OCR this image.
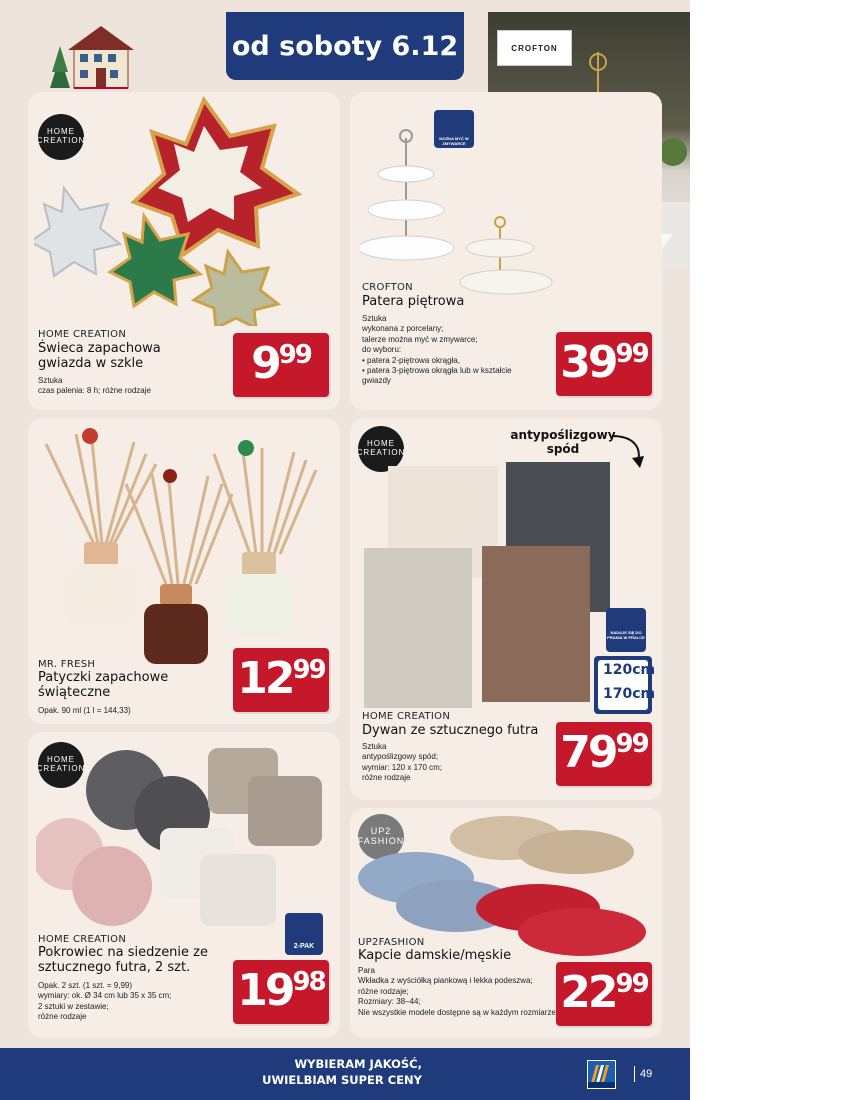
od soboty 6.12	CROFTON
HOME CREATION
HOME CREATION
Świeca zapachowa gwiazda w szkle
Sztuka
czas palenia: 8 h; różne rodzaje
9 99
MOŻNA MYĆ W ZMYWARCE
CROFTON
Patera piętrowa
Sztuka
wykonana z porcelany;
talerze można myć w zmywarce;
do wyboru:
• patera 2-piętrowa okrągła,
• patera 3-piętrowa okrągła lub w kształcie
gwiazdy	39 99
MR. FRESH
Patyczki zapachowe świąteczne
Opak. 90 ml (1 l = 144,33)
12 99
HOME CREATION
antypoślizgowy spód
NADAJE SIĘ DO PRANIA W PRALCE
120cm
170cm
HOME CREATION
Dywan ze sztucznego futra
Sztuka
antypoślizgowy spód;
wymiar: 120 x 170 cm;
różne rodzaje	79 99
HOME CREATION
2-PAK
HOME CREATION
Pokrowiec na siedzenie ze sztucznego futra, 2 szt.
Opak. 2 szt. (1 szt. = 9,99)
wymiary: ok. Ø 34 cm lub 35 x 35 cm;
2 sztuki w zestawie;
różne rodzaje
19 98
UP2 FASHION
UP2FASHION
Kapcie damskie/męskie
Para
Wkładka z wyściółką piankową i lekka podeszwa;
różne rodzaje;
Rozmiary: 38–44;
Nie wszystkie modele dostępne są w każdym rozmiarze 22 99
WYBIERAM JAKOŚĆ,
UWIELBIAM SUPER CENY	49
